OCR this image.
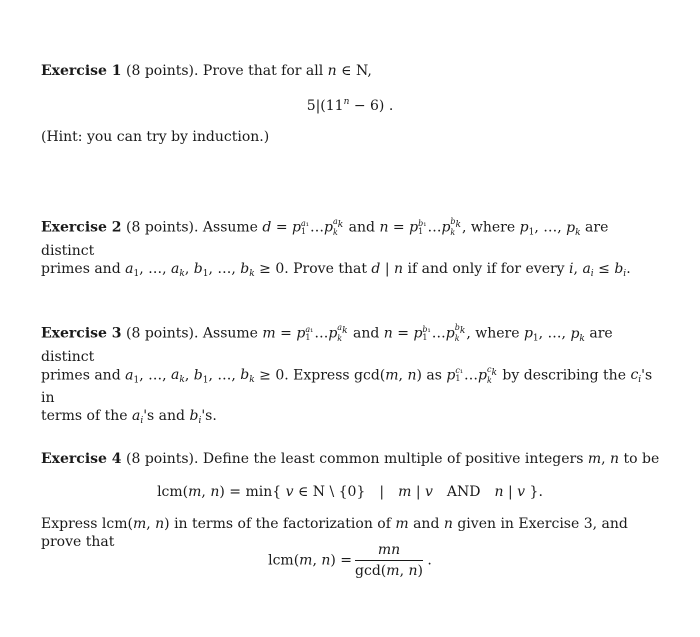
Exercise 1 (8 points). Prove that for all n ∈ N,
$5|(11^n - 6)$ .
(Hint: you can try by induction.)
Exercise 2 (8 points). Assume d = p a₁
1 …p $a_k$
k and n = p b₁
1 …p $b_k$
k , where $p_1$, …, $p_k$ are distinct
primes and $a_1$, …, $a_k$, $b_1$, …, $b_k \ge 0$. Prove that d | n if and only if for every i, $a_i \le b_i$.
Exercise 3 (8 points). Assume m = p a₁
1 …p $a_k$
k and n = p b₁
1 …p $b_k$
k , where $p_1$, …, $p_k$ are distinct
primes and $a_1$, …, $a_k$, $b_1$, …, $b_k \ge 0$. Express gcd(m, n) as p c₁
1 …p $c_k$
k by describing the $c_i's$ in
terms of the $a_i's$ and $b_i's$.
Exercise 4 (8 points). Define the least common multiple of positive integers m, n to be
lcm(m, n) = min{ v ∈ N \ {0} | m | v AND n | v }.
Express lcm(m, n) in terms of the factorization of m and n given in Exercise 3, and prove that
lcm(m, $n) = \frac{mn}{\gcd(m, n)}$ .
